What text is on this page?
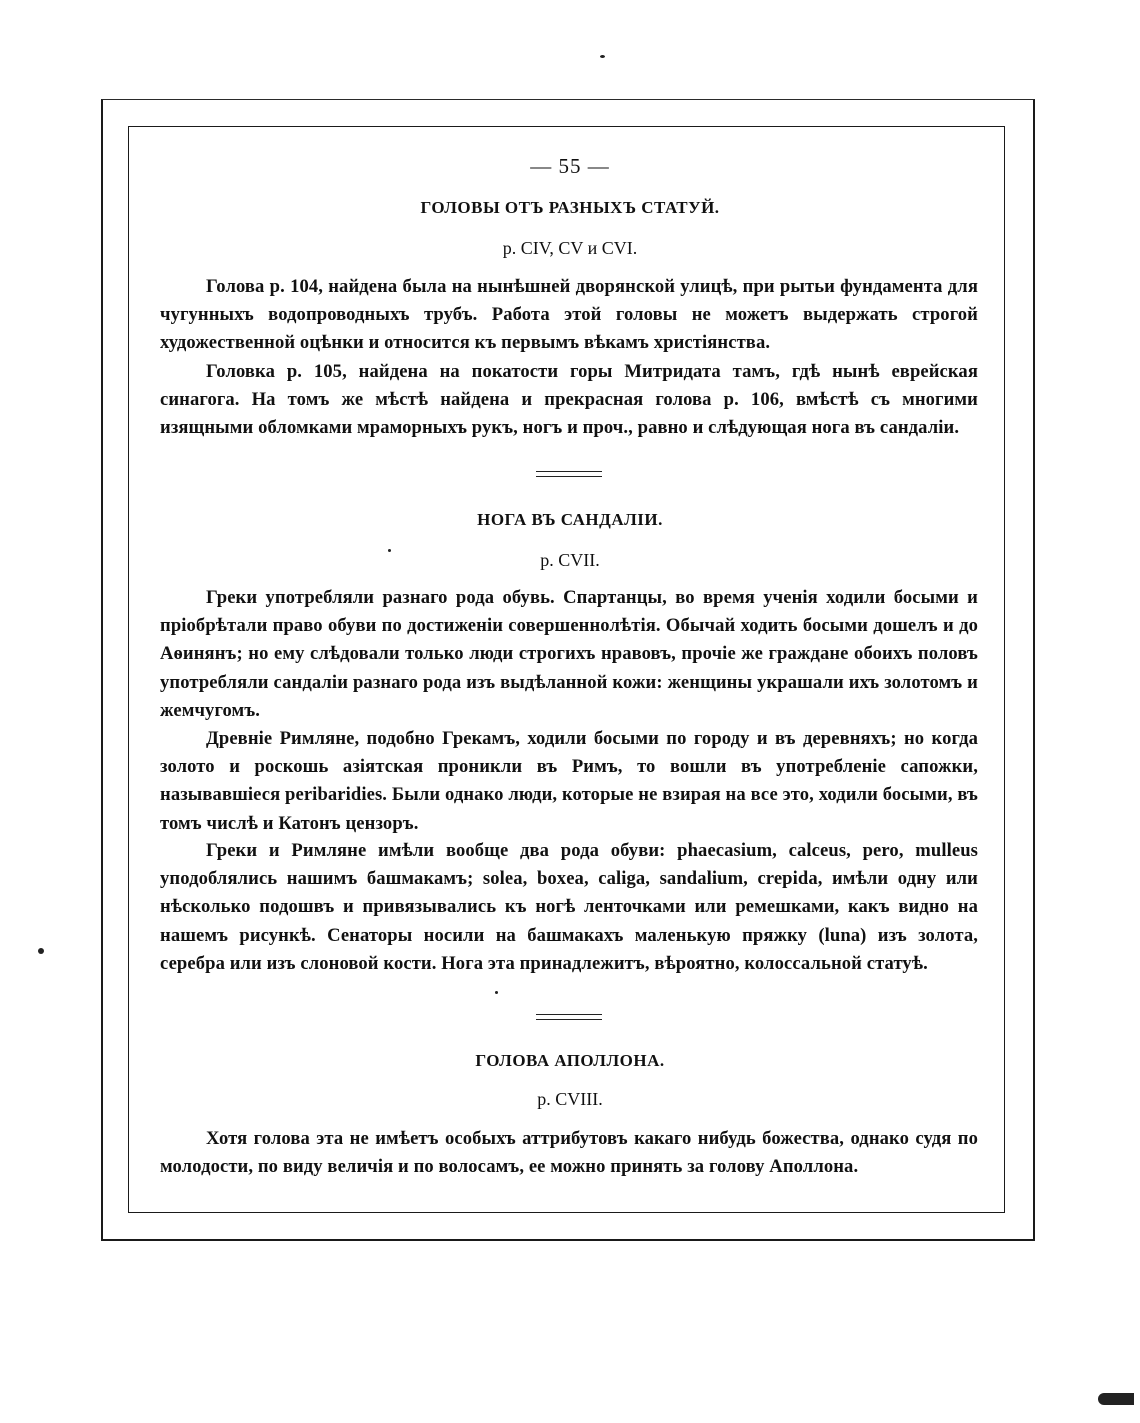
— 55 —
ГОЛОВЫ ОТЪ РАЗНЫХЪ СТАТУЙ.
р. CIV, CV и CVI.

Голова р. 104, найдена была на нынѣшней дворянской улицѣ, при рытьи фундамента для чугунныхъ водопроводныхъ трубъ. Работа этой головы не можетъ выдержать строгой художественной оцѣнки и относится къ первымъ вѣкамъ христіянства.

Головка р. 105, найдена на покатости горы Митридата тамъ, гдѣ нынѣ еврейская синагога. На томъ же мѣстѣ найдена и прекрасная голова р. 106, вмѣстѣ съ многими изящными обломками мраморныхъ рукъ, ногъ и проч., равно и слѣдующая нога въ сандаліи.

НОГА ВЪ САНДАЛІИ.
р. CVII.

Греки употребляли разнаго рода обувь. Спартанцы, во время ученія ходили босыми и пріобрѣтали право обуви по достиженіи совершеннолѣтія. Обычай ходить босыми дошелъ и до Аѳинянъ; но ему слѣдовали только люди строгихъ нравовъ, прочіе же граждане обоихъ половъ употребляли сандаліи разнаго рода изъ выдѣланной кожи: женщины украшали ихъ золотомъ и жемчугомъ.

Древніе Римляне, подобно Грекамъ, ходили босыми по городу и въ деревняхъ; но когда золото и роскошь азіятская проникли въ Римъ, то вошли въ употребленіе сапожки, называвшіеся peribaridies. Были однако люди, которые не взирая на все это, ходили босыми, въ томъ числѣ и Катонъ цензоръ.

Греки и Римляне имѣли вообще два рода обуви: phaecasium, calceus, pero, mulleus уподоблялись нашимъ башмакамъ; solea, boxea, caliga, sandalium, crepida, имѣли одну или нѣсколько подошвъ и привязывались къ ногѣ ленточками или ремешками, какъ видно на нашемъ рисункѣ. Сенаторы носили на башмакахъ маленькую пряжку (luna) изъ золота, серебра или изъ слоновой кости. Нога эта принадлежитъ, вѣроятно, колоссальной статуѣ.

ГОЛОВА АПОЛЛОНА.
р. CVIII.

Хотя голова эта не имѣетъ особыхъ аттрибутовъ какаго нибудь божества, однако судя по молодости, по виду величія и по волосамъ, ее можно принять за голову Аполлона.
